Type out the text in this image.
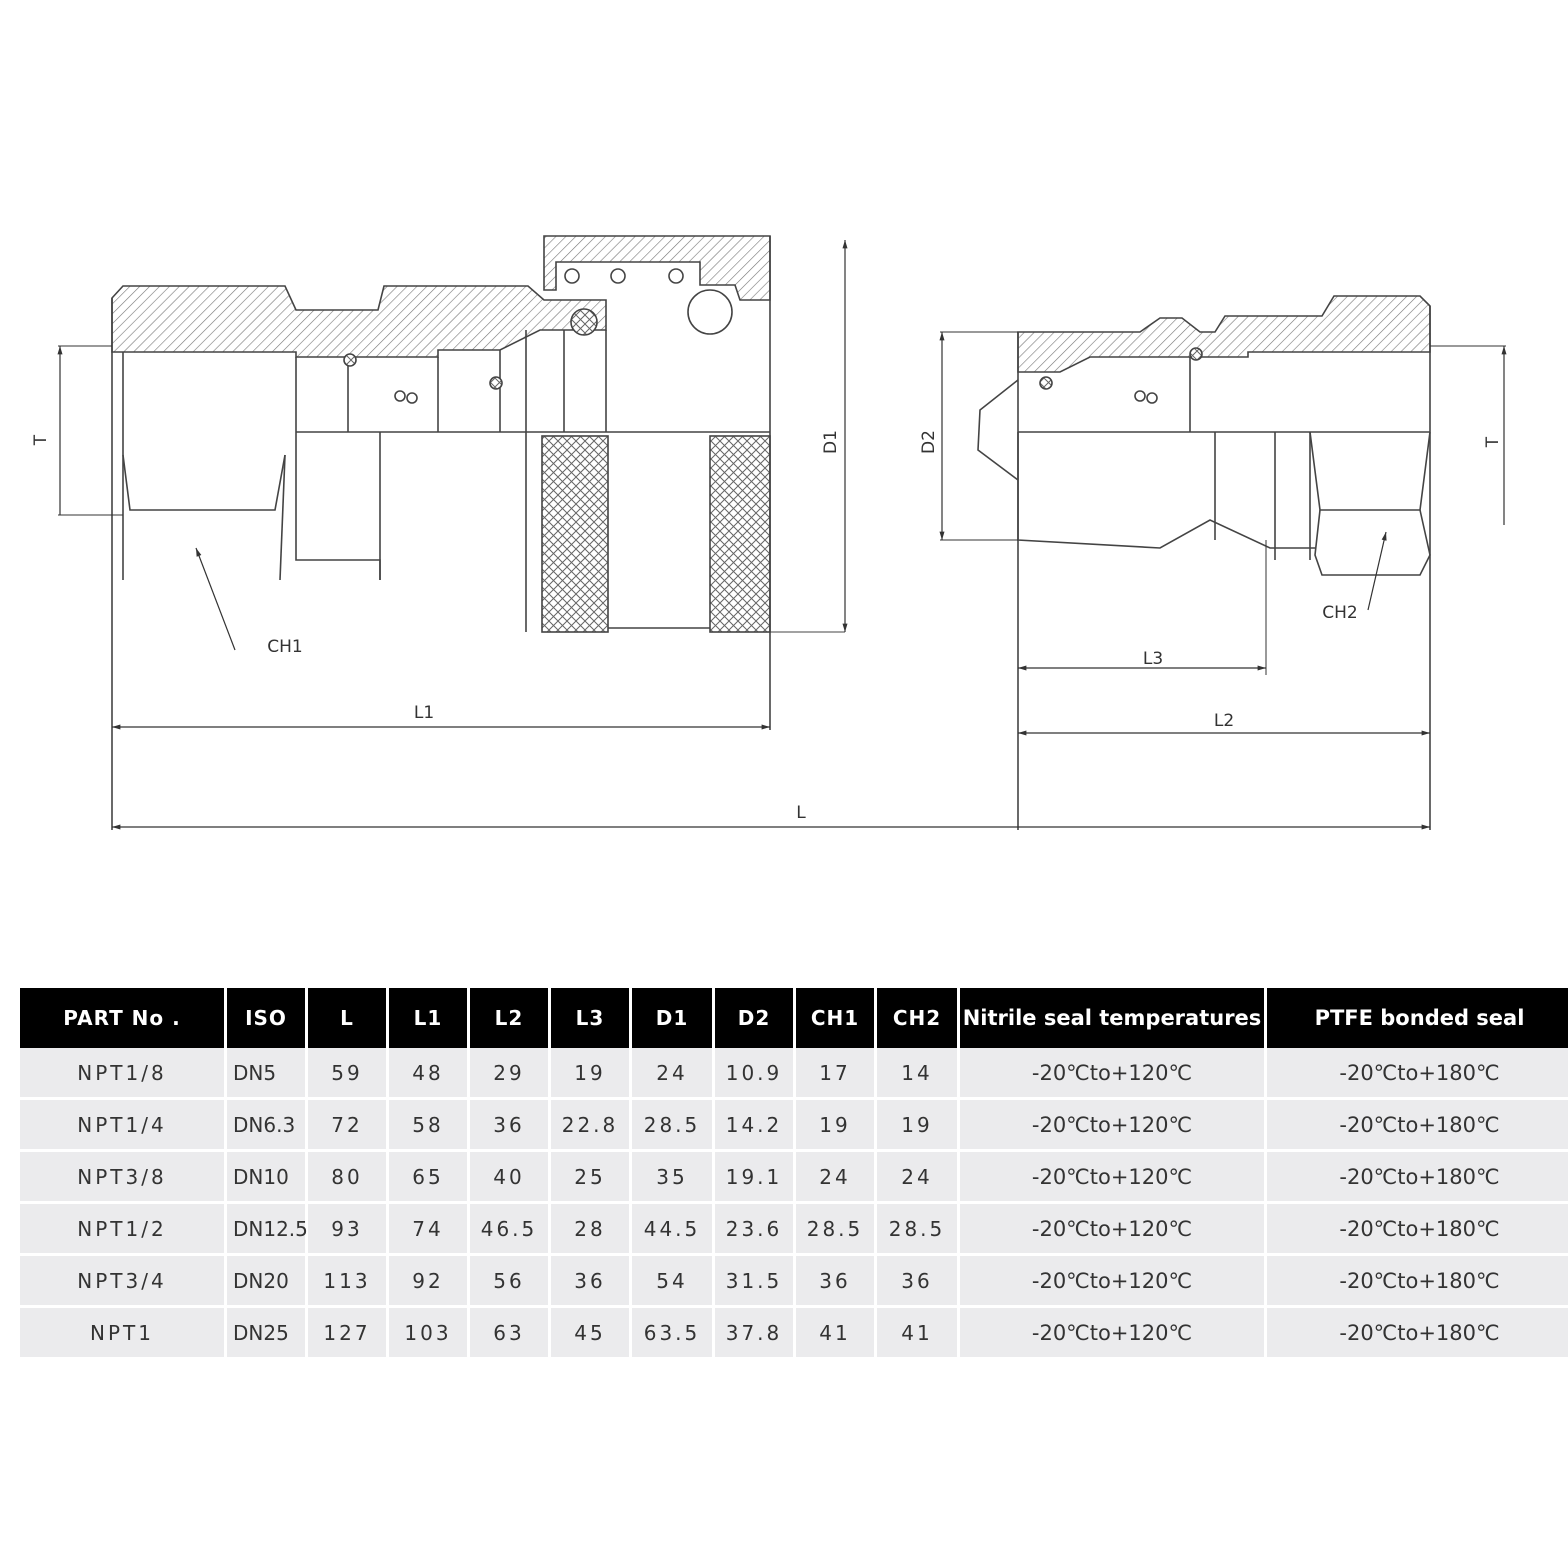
T	D1	D2	T
CH1
CH2
L1
L3
L2
L
PART No .	ISO	L	L1	L2	L3	D1	D2	CH1	CH2	Nitrile seal temperatures	PTFE bonded seal
NPT1/8	DN5	59	48	29	19	24	10.9	17	14	-20℃to+120℃	-20℃to+180℃
NPT1/4	DN6.3	72	58	36	22.8	28.5	14.2	19	19	-20℃to+120℃	-20℃to+180℃
NPT3/8	DN10	80	65	40	25	35	19.1	24	24	-20℃to+120℃	-20℃to+180℃
NPT1/2	DN12.5	93	74	46.5	28	44.5	23.6	28.5	28.5	-20℃to+120℃	-20℃to+180℃
NPT3/4	DN20	113	92	56	36	54	31.5	36	36	-20℃to+120℃	-20℃to+180℃
NPT1	DN25	127	103	63	45	63.5	37.8	41	41	-20℃to+120℃	-20℃to+180℃
